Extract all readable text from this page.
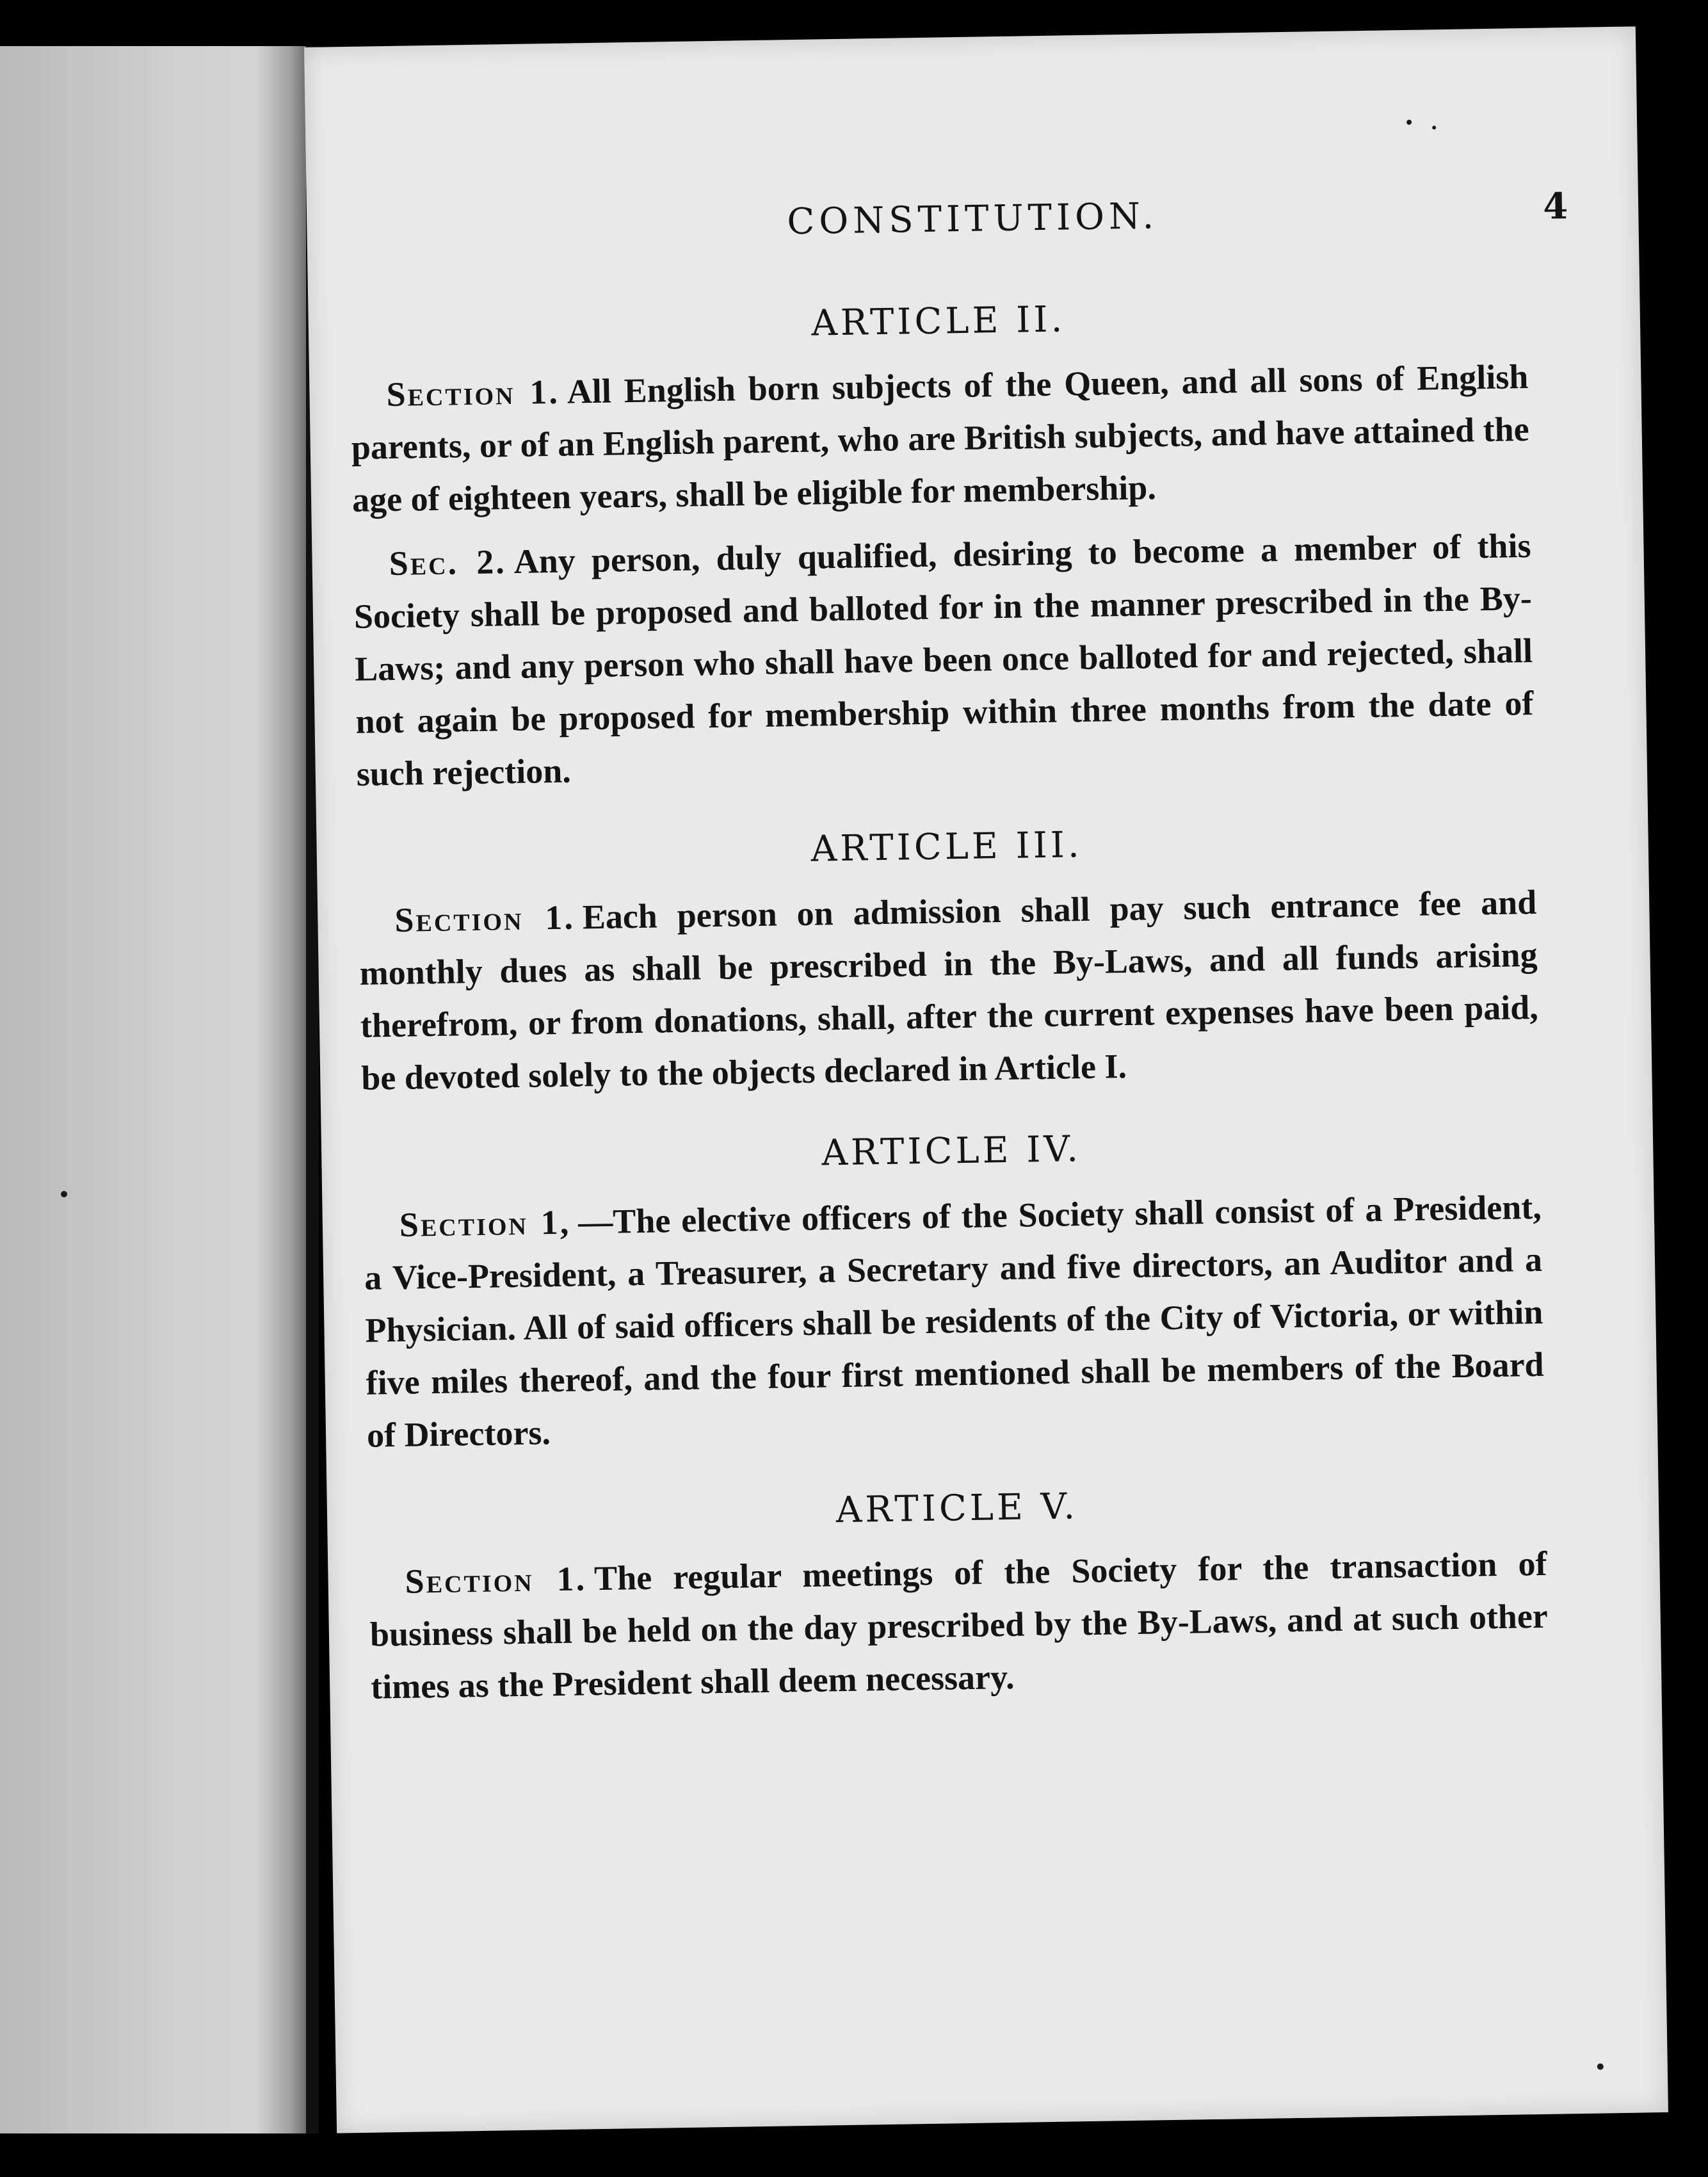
CONSTITUTION.	4
ARTICLE II.

Section 1. All English born subjects of the Queen, and all sons of English parents, or of an English parent, who are British subjects, and have attained the age of eighteen years, shall be eligible for membership.

Sec. 2. Any person, duly qualified, desiring to become a member of this Society shall be proposed and balloted for in the manner prescribed in the By-Laws; and any person who shall have been once balloted for and rejected, shall not again be proposed for membership within three months from the date of such rejection.

ARTICLE III.

Section 1. Each person on admission shall pay such entrance fee and monthly dues as shall be prescribed in the By-Laws, and all funds arising therefrom, or from donations, shall, after the current expenses have been paid, be devoted solely to the objects declared in Article I.

ARTICLE IV.

Section 1, —The elective officers of the Society shall consist of a President, a Vice-President, a Treasurer, a Secretary and five directors, an Auditor and a Physician. All of said officers shall be residents of the City of Victoria, or within five miles thereof, and the four first mentioned shall be members of the Board of Directors.

ARTICLE V.

Section 1. The regular meetings of the Society for the transaction of business shall be held on the day prescribed by the By-Laws, and at such other times as the President shall deem necessary.
